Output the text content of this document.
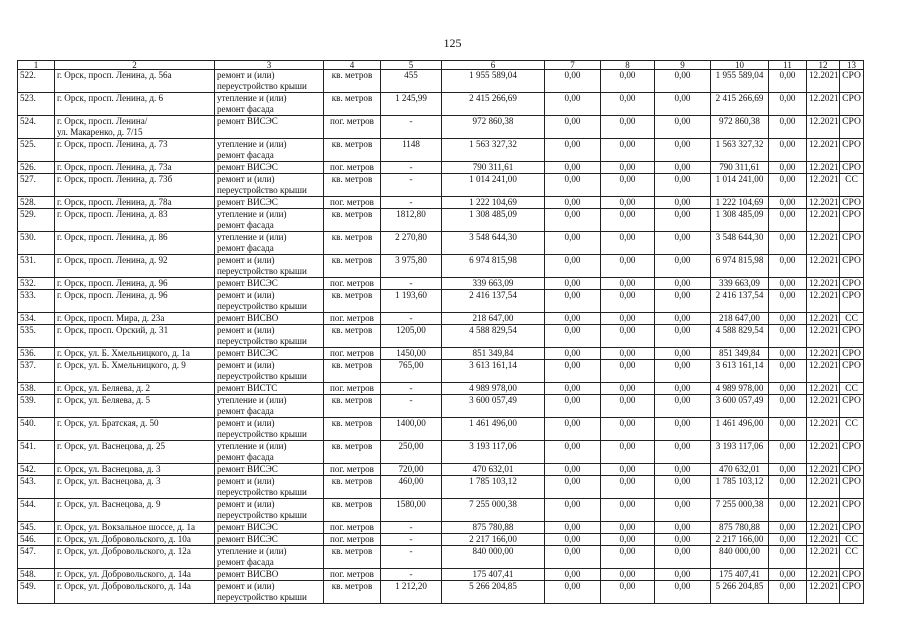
125
1	2	3	4	5	6	7	8	9	10	11	12	13
522.	г. Орск, просп. Ленина, д. 56а	ремонт и (или)
переустройство крыши	кв. метров	455	1 955 589,04	0,00	0,00	0,00	1 955 589,04	0,00	12.2021	СРО
523.	г. Орск, просп. Ленина, д. 6	утепление и (или)
ремонт фасада	кв. метров	1 245,99	2 415 266,69	0,00	0,00	0,00	2 415 266,69	0,00	12.2021	СРО
524.	г. Орск, просп. Ленина/
ул. Макаренко, д. 7/15	ремонт ВИСЭС	пог. метров	-	972 860,38	0,00	0,00	0,00	972 860,38	0,00	12.2021	СРО
525.	г. Орск, просп. Ленина, д. 73	утепление и (или)
ремонт фасада	кв. метров	1148	1 563 327,32	0,00	0,00	0,00	1 563 327,32	0,00	12.2021	СРО
526.	г. Орск, просп. Ленина, д. 73а	ремонт ВИСЭС	пог. метров	-	790 311,61	0,00	0,00	0,00	790 311,61	0,00	12.2021	СРО
527.	г. Орск, просп. Ленина, д. 73б	ремонт и (или)
переустройство крыши	кв. метров	-	1 014 241,00	0,00	0,00	0,00	1 014 241,00	0,00	12.2021	СС
528.	г. Орск, просп. Ленина, д. 78а	ремонт ВИСЭС	пог. метров	-	1 222 104,69	0,00	0,00	0,00	1 222 104,69	0,00	12.2021	СРО
529.	г. Орск, просп. Ленина, д. 83	утепление и (или)
ремонт фасада	кв. метров	1812,80	1 308 485,09	0,00	0,00	0,00	1 308 485,09	0,00	12.2021	СРО
530.	г. Орск, просп. Ленина, д. 86	утепление и (или)
ремонт фасада	кв. метров	2 270,80	3 548 644,30	0,00	0,00	0,00	3 548 644,30	0,00	12.2021	СРО
531.	г. Орск, просп. Ленина, д. 92	ремонт и (или)
переустройство крыши	кв. метров	3 975,80	6 974 815,98	0,00	0,00	0,00	6 974 815,98	0,00	12.2021	СРО
532.	г. Орск, просп. Ленина, д. 96	ремонт ВИСЭС	пог. метров	-	339 663,09	0,00	0,00	0,00	339 663,09	0,00	12.2021	СРО
533.	г. Орск, просп. Ленина, д. 96	ремонт и (или)
переустройство крыши	кв. метров	1 193,60	2 416 137,54	0,00	0,00	0,00	2 416 137,54	0,00	12.2021	СРО
534.	г. Орск, просп. Мира, д. 23а	ремонт ВИСВО	пог. метров	-	218 647,00	0,00	0,00	0,00	218 647,00	0,00	12.2021	СС
535.	г. Орск, просп. Орский, д. 31	ремонт и (или)
переустройство крыши	кв. метров	1205,00	4 588 829,54	0,00	0,00	0,00	4 588 829,54	0,00	12.2021	СРО
536.	г. Орск, ул. Б. Хмельницкого, д. 1а	ремонт ВИСЭС	пог. метров	1450,00	851 349,84	0,00	0,00	0,00	851 349,84	0,00	12.2021	СРО
537.	г. Орск, ул. Б. Хмельницкого, д. 9	ремонт и (или)
переустройство крыши	кв. метров	765,00	3 613 161,14	0,00	0,00	0,00	3 613 161,14	0,00	12.2021	СРО
538.	г. Орск, ул. Беляева, д. 2	ремонт ВИСТС	пог. метров	-	4 989 978,00	0,00	0,00	0,00	4 989 978,00	0,00	12.2021	СС
539.	г. Орск, ул. Беляева, д. 5	утепление и (или)
ремонт фасада	кв. метров	-	3 600 057,49	0,00	0,00	0,00	3 600 057,49	0,00	12.2021	СРО
540.	г. Орск, ул. Братская, д. 50	ремонт и (или)
переустройство крыши	кв. метров	1400,00	1 461 496,00	0,00	0,00	0,00	1 461 496,00	0,00	12.2021	СС
541.	г. Орск, ул. Васнецова, д. 25	утепление и (или)
ремонт фасада	кв. метров	250,00	3 193 117,06	0,00	0,00	0,00	3 193 117,06	0,00	12.2021	СРО
542.	г. Орск, ул. Васнецова, д. 3	ремонт ВИСЭС	пог. метров	720,00	470 632,01	0,00	0,00	0,00	470 632,01	0,00	12.2021	СРО
543.	г. Орск, ул. Васнецова, д. 3	ремонт и (или)
переустройство крыши	кв. метров	460,00	1 785 103,12	0,00	0,00	0,00	1 785 103,12	0,00	12.2021	СРО
544.	г. Орск, ул. Васнецова, д. 9	ремонт и (или)
переустройство крыши	кв. метров	1580,00	7 255 000,38	0,00	0,00	0,00	7 255 000,38	0,00	12.2021	СРО
545.	г. Орск, ул. Вокзальное шоссе, д. 1а	ремонт ВИСЭС	пог. метров	-	875 780,88	0,00	0,00	0,00	875 780,88	0,00	12.2021	СРО
546.	г. Орск, ул. Добровольского, д. 10а	ремонт ВИСЭС	пог. метров	-	2 217 166,00	0,00	0,00	0,00	2 217 166,00	0,00	12.2021	СС
547.	г. Орск, ул. Добровольского, д. 12а	утепление и (или)
ремонт фасада	кв. метров	-	840 000,00	0,00	0,00	0,00	840 000,00	0,00	12.2021	СС
548.	г. Орск, ул. Добровольского, д. 14а	ремонт ВИСВО	пог. метров	-	175 407,41	0,00	0,00	0,00	175 407,41	0,00	12.2021	СРО
549.	г. Орск, ул. Добровольского, д. 14а	ремонт и (или)
переустройство крыши	кв. метров	1 212,20	5 266 204,85	0,00	0,00	0,00	5 266 204,85	0,00	12.2021	СРО
